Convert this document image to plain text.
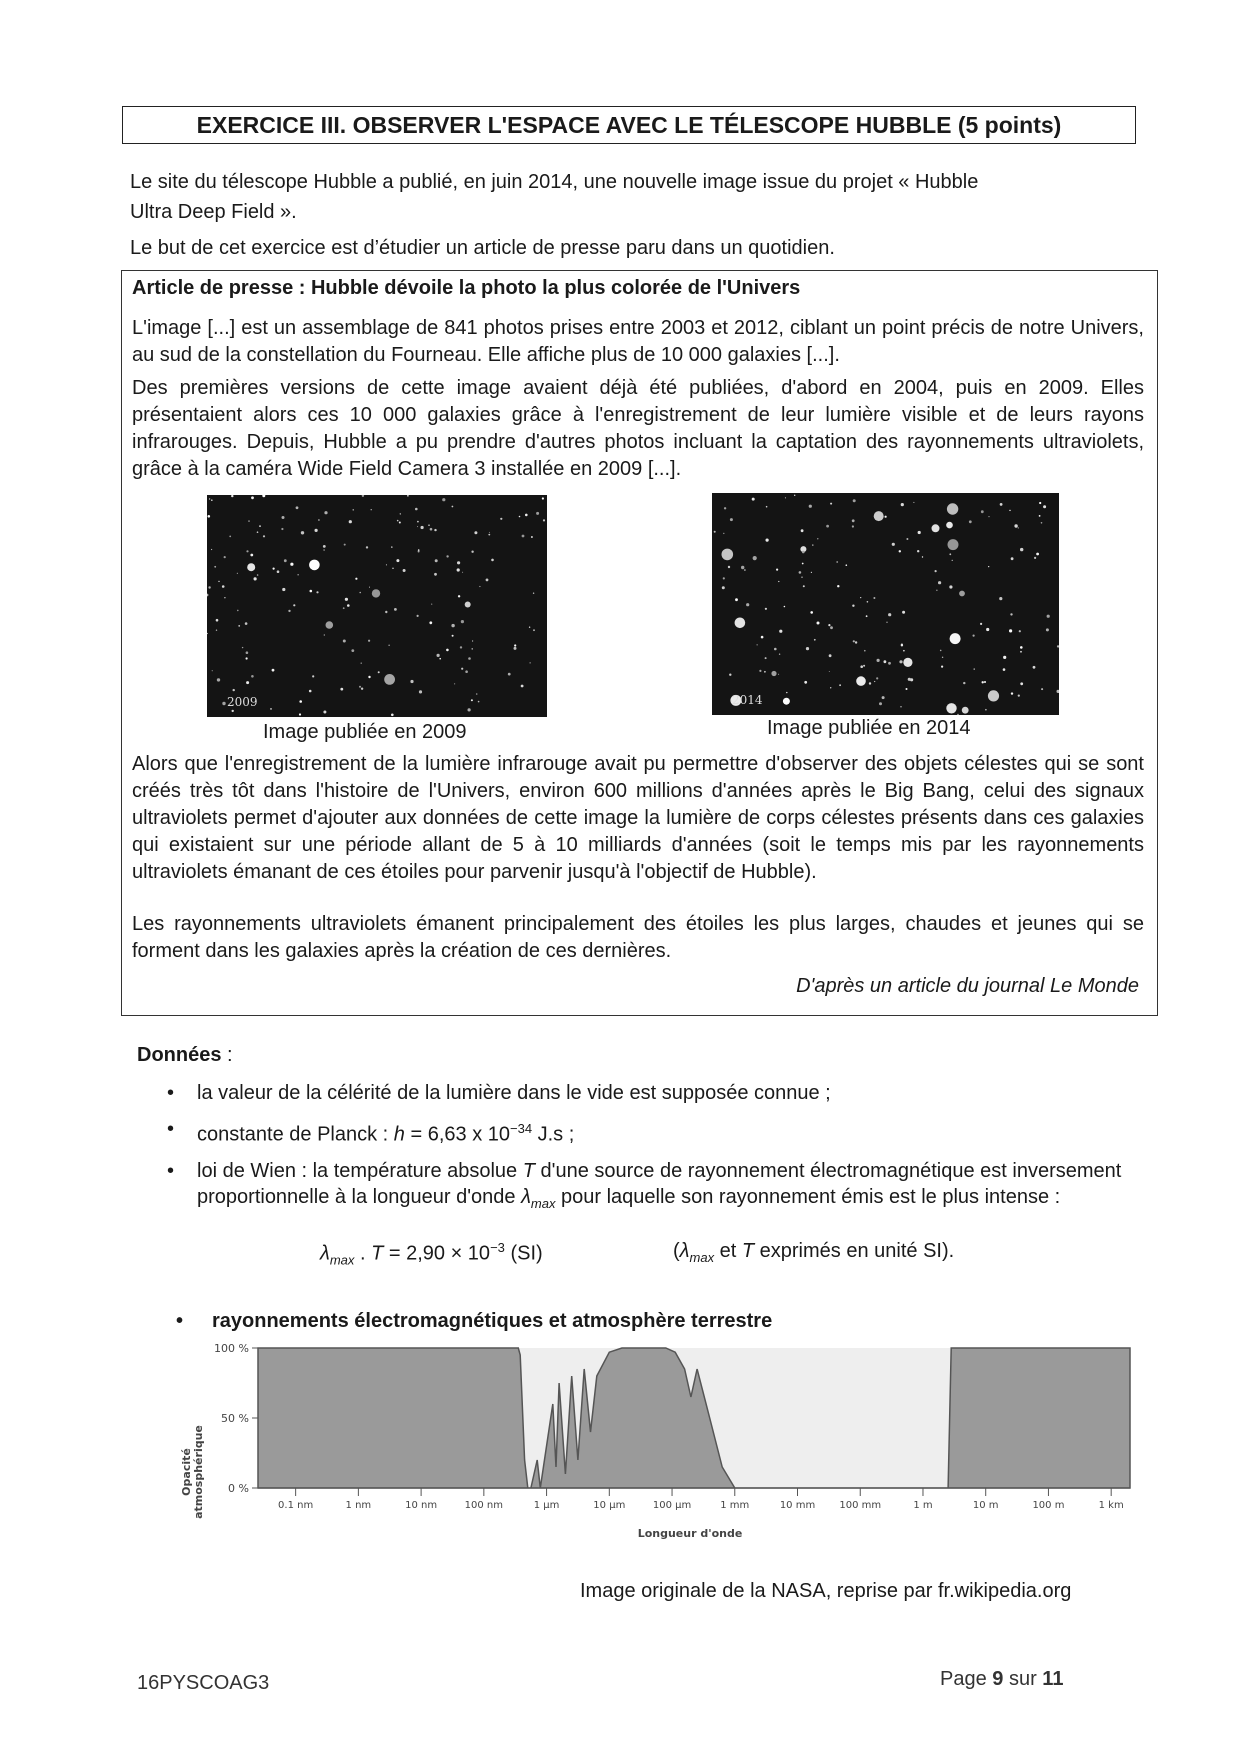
EXERCICE III. OBSERVER L'ESPACE AVEC LE TÉLESCOPE HUBBLE (5 points)

Le site du télescope Hubble a publié, en juin 2014, une nouvelle image issue du projet « Hubble

Ultra Deep Field ».

Le but de cet exercice est d’étudier un article de presse paru dans un quotidien.

Article de presse : Hubble dévoile la photo la plus colorée de l'Univers

L'image [...] est un assemblage de 841 photos prises entre 2003 et 2012, ciblant un point précis de notre Univers, au sud de la constellation du Fourneau. Elle affiche plus de 10 000 galaxies [...].

Des premières versions de cette image avaient déjà été publiées, d'abord en 2004, puis en 2009. Elles présentaient alors ces 10 000 galaxies grâce à l'enregistrement de leur lumière visible et de leurs rayons infrarouges. Depuis, Hubble a pu prendre d'autres photos incluant la captation des rayonnements ultraviolets, grâce à la caméra Wide Field Camera 3 installée en 2009 [...].

2009
Image publiée en 2009
2014
Image publiée en 2014

Alors que l'enregistrement de la lumière infrarouge avait pu permettre d'observer des objets célestes qui se sont créés très tôt dans l'histoire de l'Univers, environ 600 millions d'années après le Big Bang, celui des signaux ultraviolets permet d'ajouter aux données de cette image la lumière de corps célestes présents dans ces galaxies qui existaient sur une période allant de 5 à 10 milliards d'années (soit le temps mis par les rayonnements ultraviolets émanant de ces étoiles pour parvenir jusqu'à l'objectif de Hubble).

Les rayonnements ultraviolets émanent principalement des étoiles les plus larges, chaudes et jeunes qui se forment dans les galaxies après la création de ces dernières.

D'après un article du journal Le Monde
Données :
• la valeur de la célérité de la lumière dans le vide est supposée connue ;
• constante de Planck : h = 6,63 x $10^{-34}$ J.s ;
• loi de Wien : la température absolue T d'une source de rayonnement électromagnétique est inversement proportionnelle à la longueur d'onde $\lambda_{max}$ pour laquelle son rayonnement émis est le plus intense :
$\lambda_{max}$ . $T = 2,90 \times 10^{-3}$ (SI)	($\lambda_{max}$ et T exprimés en unité SI).
• rayonnements électromagnétiques et atmosphère terrestre
Opacité atmosphérique 0 %
50 %
100 %
0.1 nm	1 nm	10 nm	100 nm	1 µm	10 µm	100 µm	1 mm	10 mm 100 mm	1 m	10 m	100 m	1 km
Longueur d'onde
Image originale de la NASA, reprise par fr.wikipedia.org
16PYSCOAG3	Page 9 sur 11
